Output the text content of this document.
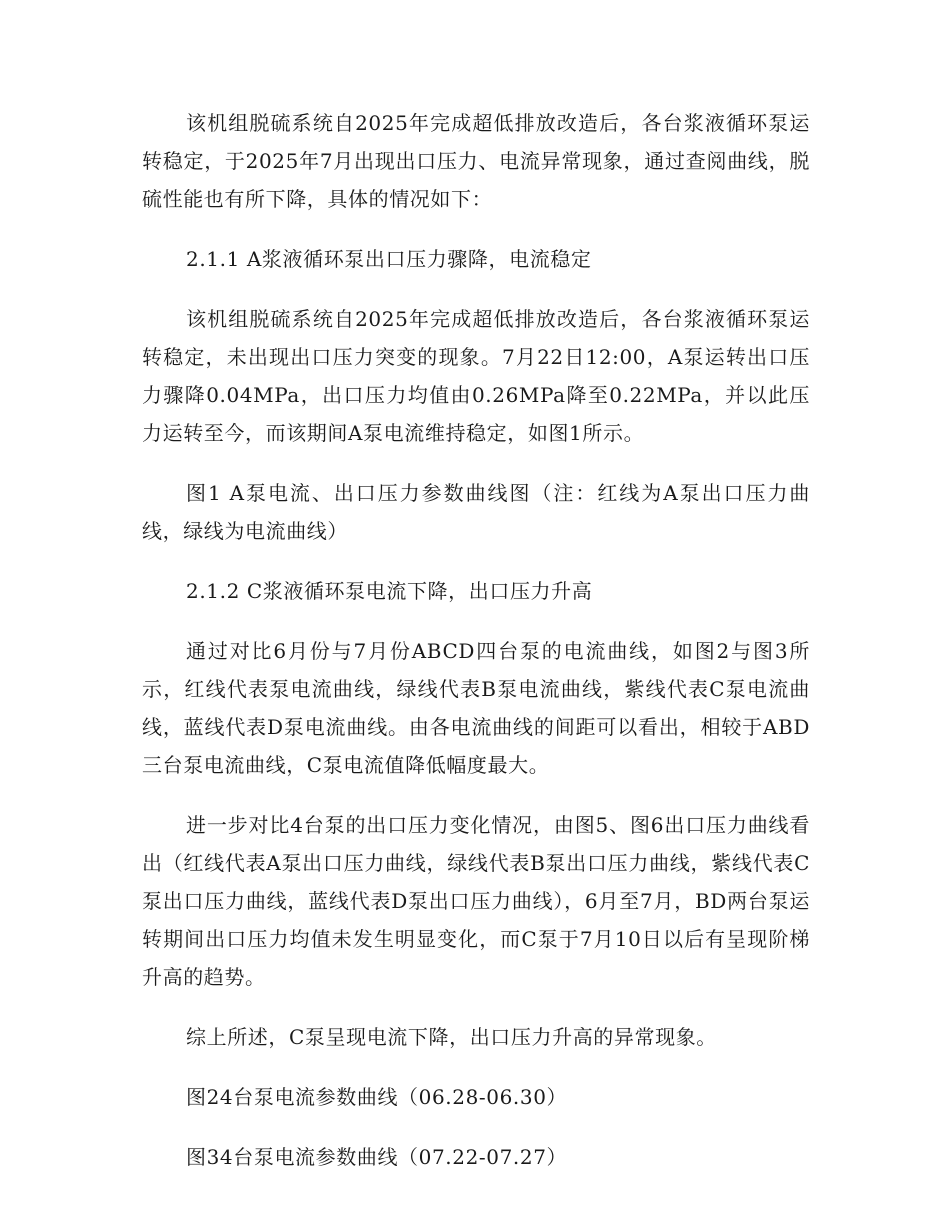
该机组脱硫系统自2025年完成超低排放改造后，各台浆液循环泵运转稳定，于2025年7月出现出口压力、电流异常现象，通过查阅曲线，脱硫性能也有所下降，具体的情况如下：

2.1.1 A浆液循环泵出口压力骤降，电流稳定

该机组脱硫系统自2025年完成超低排放改造后，各台浆液循环泵运转稳定，未出现出口压力突变的现象。7月22日12:00，A泵运转出口压力骤降0.04MPa，出口压力均值由0.26MPa降至0.22MPa，并以此压力运转至今，而该期间A泵电流维持稳定，如图1所示。

图1 A泵电流、出口压力参数曲线图（注：红线为A泵出口压力曲线，绿线为电流曲线）

2.1.2 C浆液循环泵电流下降，出口压力升高

通过对比6月份与7月份ABCD四台泵的电流曲线，如图2与图3所示，红线代表泵电流曲线，绿线代表B泵电流曲线，紫线代表C泵电流曲线，蓝线代表D泵电流曲线。由各电流曲线的间距可以看出，相较于ABD三台泵电流曲线，C泵电流值降低幅度最大。

进一步对比4台泵的出口压力变化情况，由图5、图6出口压力曲线看出（红线代表A泵出口压力曲线，绿线代表B泵出口压力曲线，紫线代表C泵出口压力曲线，蓝线代表D泵出口压力曲线），6月至7月，BD两台泵运转期间出口压力均值未发生明显变化，而C泵于7月10日以后有呈现阶梯升高的趋势。

综上所述，C泵呈现电流下降，出口压力升高的异常现象。

图24台泵电流参数曲线（06.28-06.30）

图34台泵电流参数曲线（07.22-07.27）
